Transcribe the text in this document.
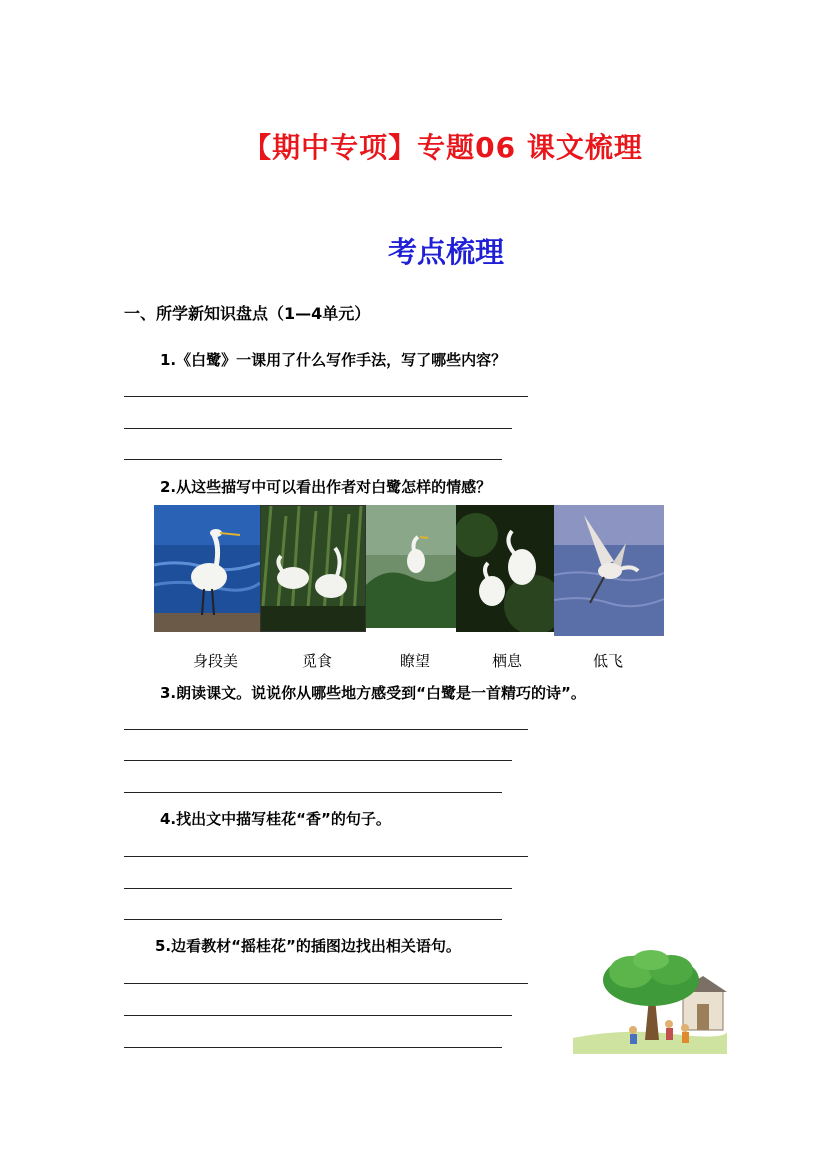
【期中专项】专题06 课文梳理
考点梳理
一、所学新知识盘点（1—4单元）
1.《白鹭》一课用了什么写作手法，写了哪些内容？
2.从这些描写中可以看出作者对白鹭怎样的情感？
身段美	觅食	瞭望	栖息	低飞
3.朗读课文。说说你从哪些地方感受到“白鹭是一首精巧的诗”。
4.找出文中描写桂花“香”的句子。
5.边看教材“摇桂花”的插图边找出相关语句。
